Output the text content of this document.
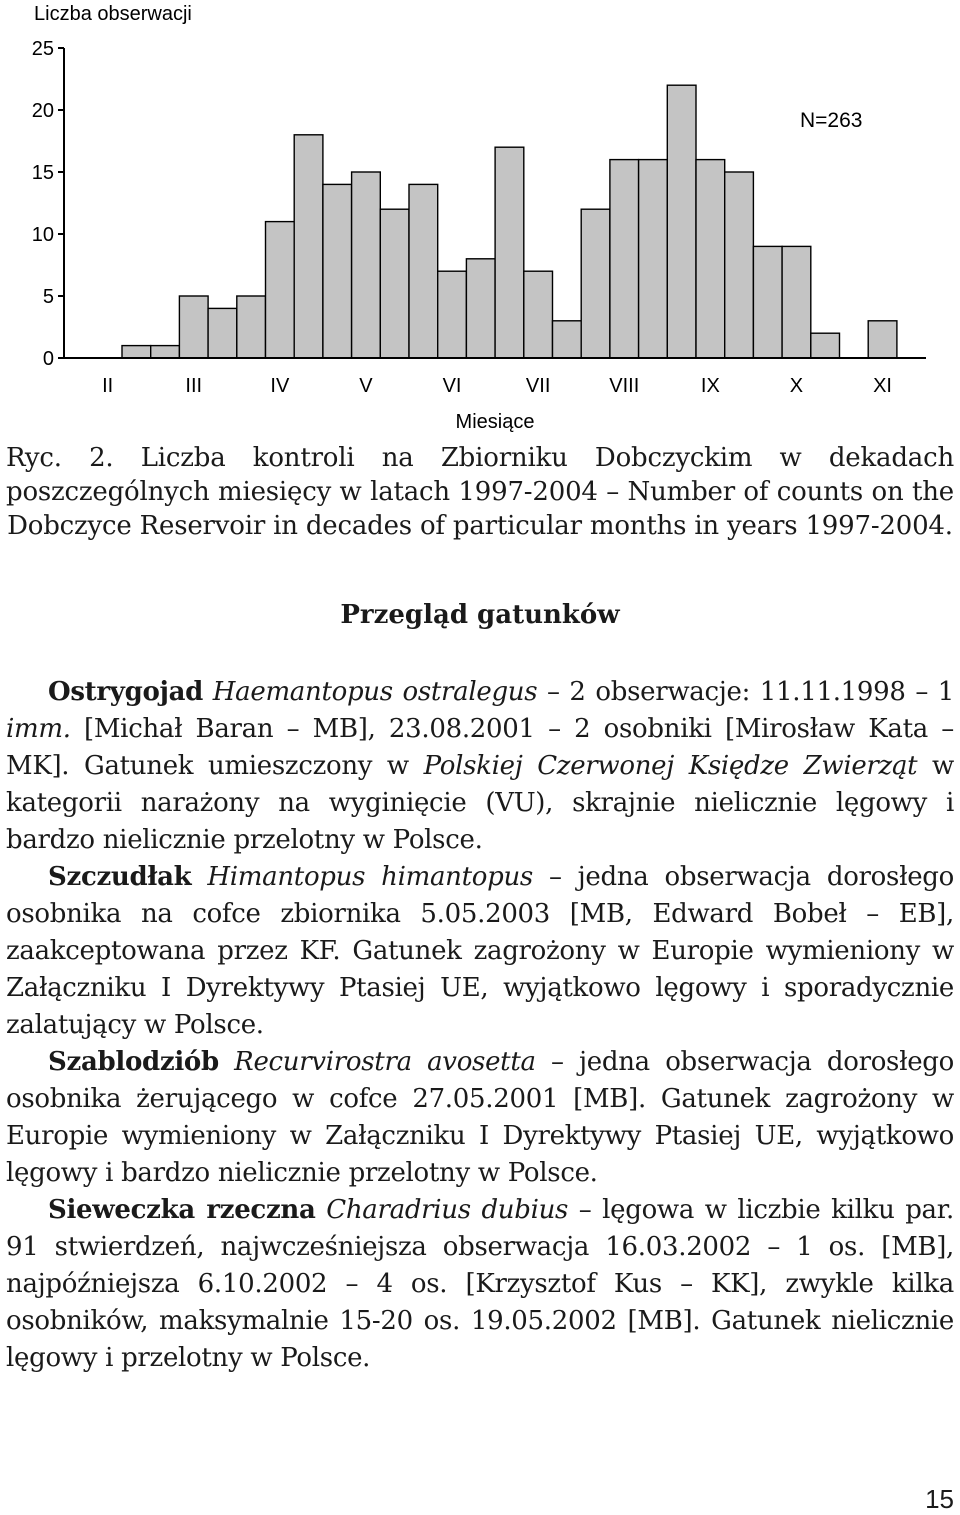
Liczba obserwacji
N=263
Miesiące
0
5
10
15
20
25
II	III	IV	V	VI	VII	VIII	IX	X	XI
Ryc. 2. Liczba kontroli na Zbiorniku Dobczyckim w dekadach poszczególnych miesięcy w latach 1997-2004 – Number of counts on the Dobczyce Reservoir in decades of particular months in years 1997-2004.
Przegląd gatunków

Ostrygojad Haemantopus ostralegus – 2 obserwacje: 11.11.1998 – 1 imm. [Michał Baran – MB], 23.08.2001 – 2 osobniki [Mirosław Kata – MK]. Gatunek umieszczony w Polskiej Czerwonej Księdze Zwierząt w kategorii narażony na wyginięcie (VU), skrajnie nielicznie lęgowy i bardzo nielicznie przelotny w Polsce.

Szczudłak Himantopus himantopus – jedna obserwacja dorosłego osobnika na cofce zbiornika 5.05.2003 [MB, Edward Bobeł – EB], zaakceptowana przez KF. Gatunek zagrożony w Europie wymieniony w Załączniku I Dyrektywy Ptasiej UE, wyjątkowo lęgowy i sporadycznie zalatujący w Polsce.

Szablodziób Recurvirostra avosetta – jedna obserwacja dorosłego osobnika żerującego w cofce 27.05.2001 [MB]. Gatunek zagrożony w Europie wymieniony w Załączniku I Dyrektywy Ptasiej UE, wyjątkowo lęgowy i bardzo nielicznie przelotny w Polsce.

Sieweczka rzeczna Charadrius dubius – lęgowa w liczbie kilku par. 91 stwierdzeń, najwcześniejsza obserwacja 16.03.2002 – 1 os. [MB], najpóźniejsza 6.10.2002 – 4 os. [Krzysztof Kus – KK], zwykle kilka osobników, maksymalnie 15-20 os. 19.05.2002 [MB]. Gatunek nielicznie lęgowy i przelotny w Polsce.

15
